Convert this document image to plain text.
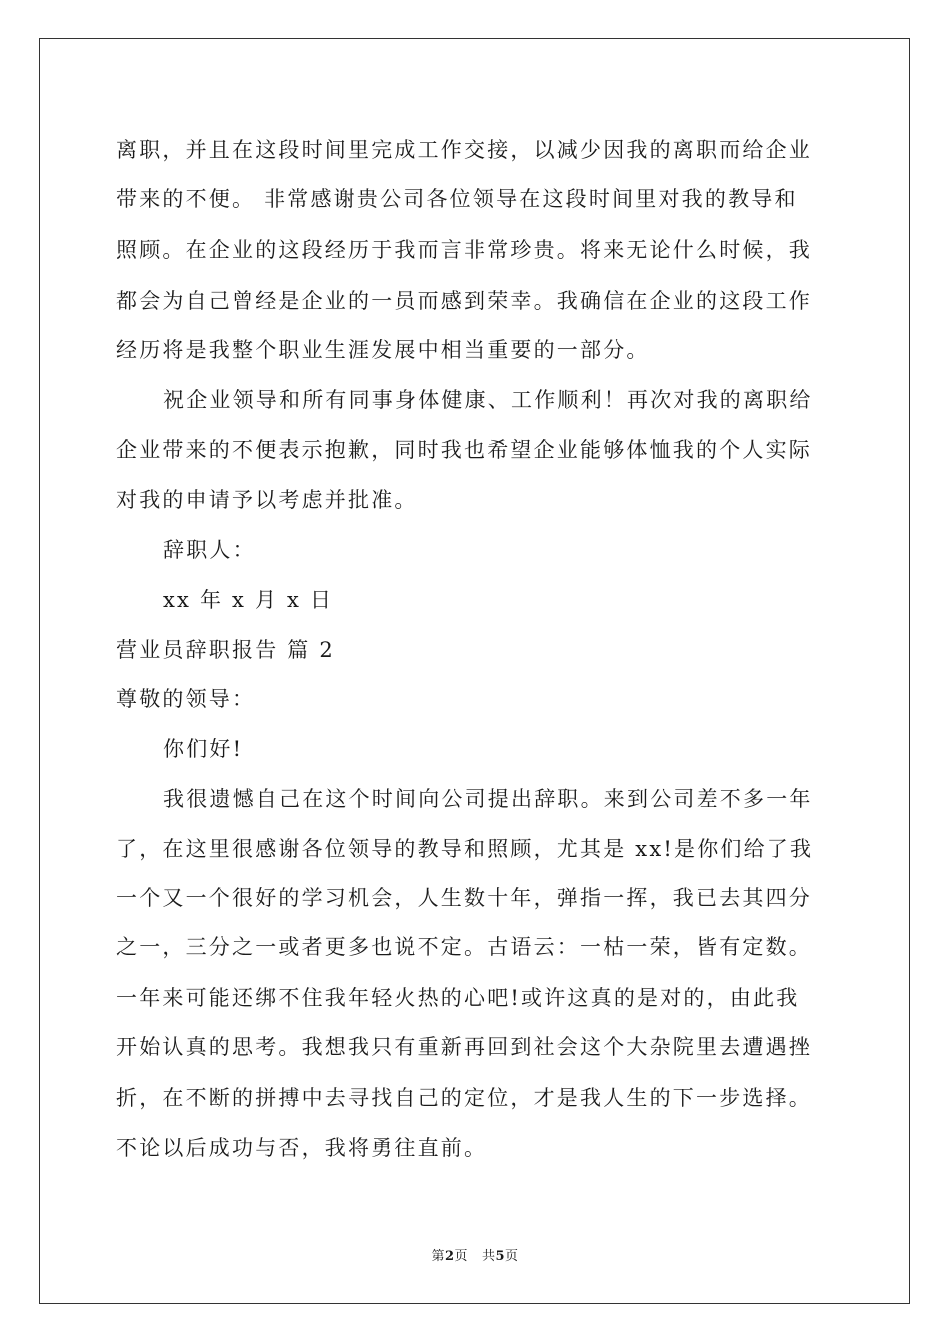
离职，并且在这段时间里完成工作交接，以减少因我的离职而给企业
带来的不便。 非常感谢贵公司各位领导在这段时间里对我的教导和
照顾。在企业的这段经历于我而言非常珍贵。将来无论什么时候，我
都会为自己曾经是企业的一员而感到荣幸。我确信在企业的这段工作
经历将是我整个职业生涯发展中相当重要的一部分。
祝企业领导和所有同事身体健康、工作顺利！再次对我的离职给
企业带来的不便表示抱歉，同时我也希望企业能够体恤我的个人实际
对我的申请予以考虑并批准。
辞职人：
xx 年 x 月 x 日
营业员辞职报告 篇 2
尊敬的领导：
你们好!
我很遗憾自己在这个时间向公司提出辞职。来到公司差不多一年
了，在这里很感谢各位领导的教导和照顾，尤其是 xx!是你们给了我
一个又一个很好的学习机会，人生数十年，弹指一挥，我已去其四分
之一，三分之一或者更多也说不定。古语云：一枯一荣，皆有定数。
一年来可能还绑不住我年轻火热的心吧!或许这真的是对的，由此我
开始认真的思考。我想我只有重新再回到社会这个大杂院里去遭遇挫
折，在不断的拼搏中去寻找自己的定位，才是我人生的下一步选择。
不论以后成功与否，我将勇往直前。
第2页 共5页
